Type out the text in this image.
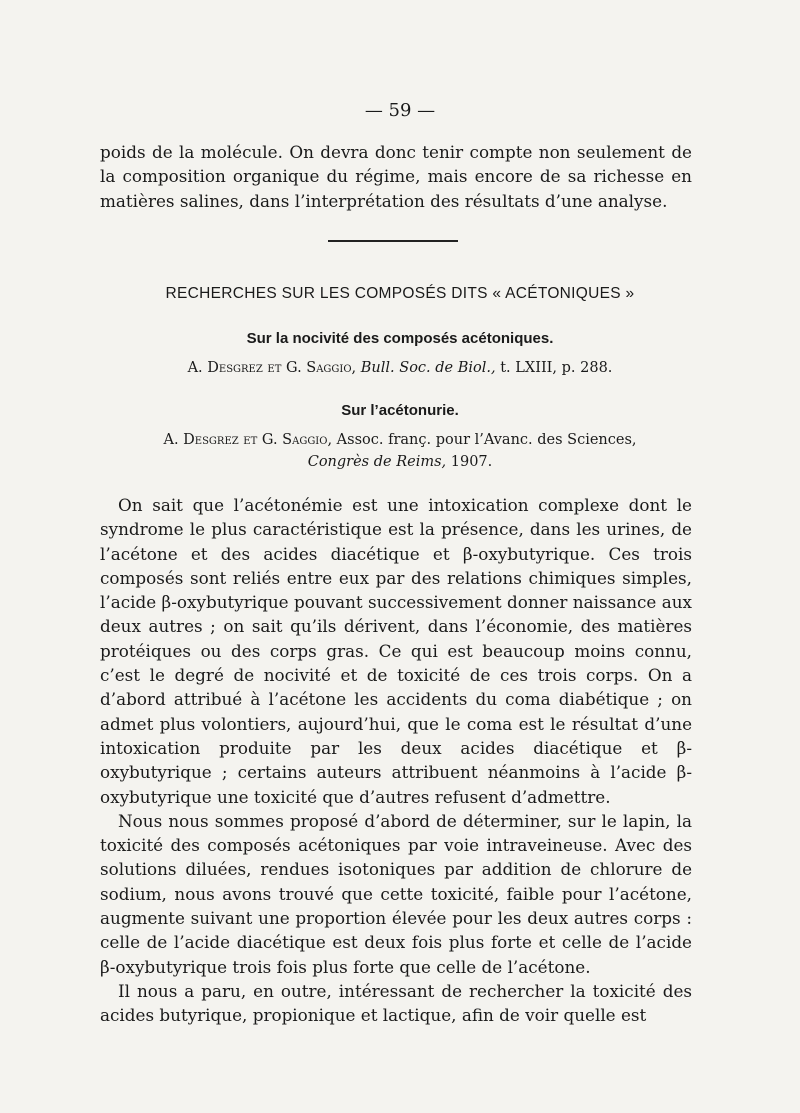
— 59 —

poids de la molécule. On devra donc tenir compte non seulement de la composition organique du régime, mais encore de sa richesse en matières salines, dans l’interprétation des résultats d’une analyse.

RECHERCHES SUR LES COMPOSÉS DITS « ACÉTONIQUES »
Sur la nocivité des composés acétoniques.
A. Desgrez et G. Saggio, Bull. Soc. de Biol., t. LXIII, p. 288.
Sur l’acétonurie.
A. Desgrez et G. Saggio, Assoc. franç. pour l’Avanc. des Sciences,
Congrès de Reims, 1907.

On sait que l’acétonémie est une intoxication complexe dont le syndrome le plus caractéristique est la présence, dans les urines, de l’acétone et des acides diacétique et β-oxybutyrique. Ces trois composés sont reliés entre eux par des relations chimiques simples, l’acide β-oxybutyrique pouvant successivement donner naissance aux deux autres ; on sait qu’ils dérivent, dans l’économie, des matières protéiques ou des corps gras. Ce qui est beaucoup moins connu, c’est le degré de nocivité et de toxicité de ces trois corps. On a d’abord attribué à l’acétone les accidents du coma diabétique ; on admet plus volontiers, aujourd’hui, que le coma est le résultat d’une intoxication produite par les deux acides diacétique et β-oxybutyrique ; certains auteurs attribuent néanmoins à l’acide β-oxybutyrique une toxicité que d’autres refusent d’admettre.

Nous nous sommes proposé d’abord de déterminer, sur le lapin, la toxicité des composés acétoniques par voie intraveineuse. Avec des solutions diluées, rendues isotoniques par addition de chlorure de sodium, nous avons trouvé que cette toxicité, faible pour l’acétone, augmente suivant une proportion élevée pour les deux autres corps : celle de l’acide diacétique est deux fois plus forte et celle de l’acide β-oxybutyrique trois fois plus forte que celle de l’acétone.

Il nous a paru, en outre, intéressant de rechercher la toxicité des acides butyrique, propionique et lactique, afin de voir quelle est
